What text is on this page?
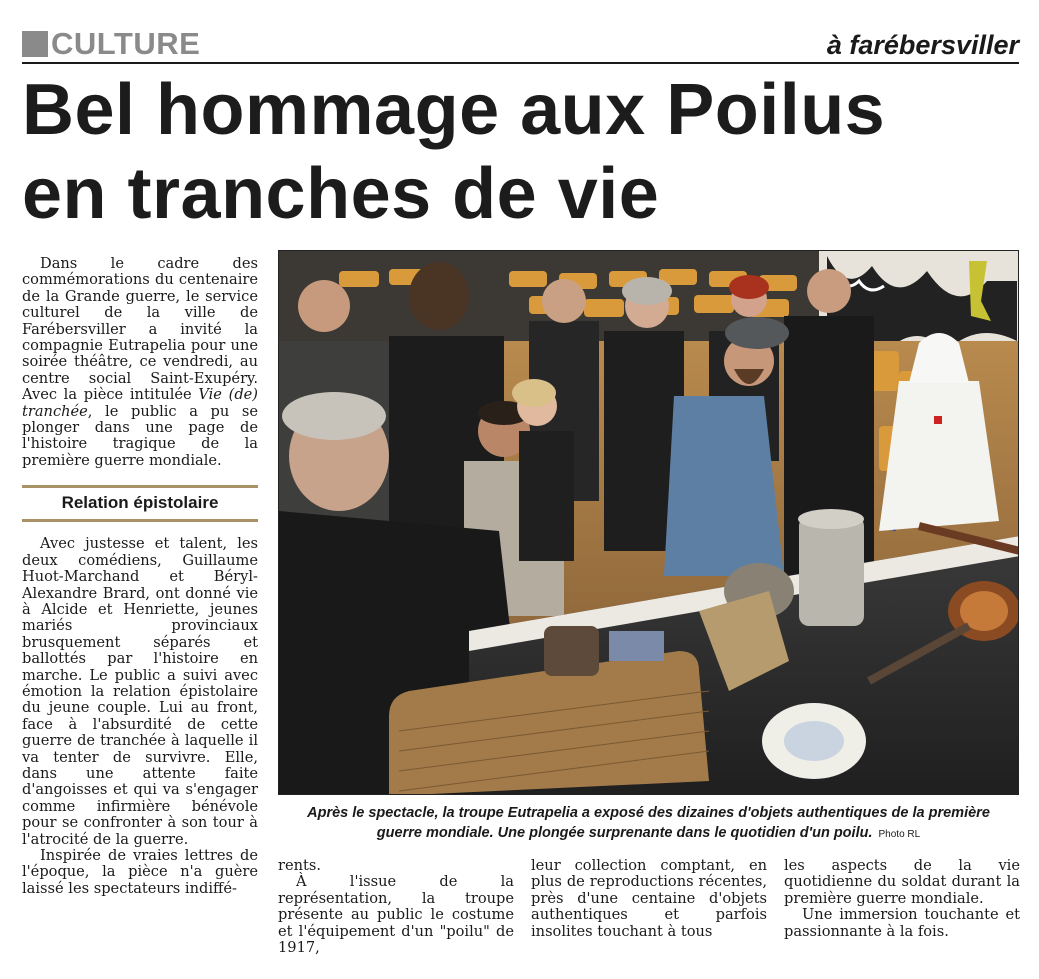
CULTURE	à farébersviller
Bel hommage aux Poilus
en tranches de vie

Dans le cadre des commémorations du centenaire de la Grande guerre, le service culturel de la ville de Farébersviller a invité la compagnie Eutrapelia pour une soirée théâtre, ce vendredi, au centre social Saint-Exupéry. Avec la pièce intitulée Vie (de) tranchée, le public a pu se plonger dans une page de l'histoire tragique de la première guerre mondiale.

Relation épistolaire

Avec justesse et talent, les deux comédiens, Guillaume Huot-Marchand et Béryl-Alexandre Brard, ont donné vie à Alcide et Henriette, jeunes mariés provinciaux brusquement séparés et ballottés par l'histoire en marche. Le public a suivi avec émotion la relation épistolaire du jeune couple. Lui au front, face à l'absurdité de cette guerre de tranchée à laquelle il va tenter de survivre. Elle, dans une attente faite d'angoisses et qui va s'engager comme infirmière bénévole pour se confronter à son tour à l'atrocité de la guerre.

Inspirée de vraies lettres de l'époque, la pièce n'a guère laissé les spectateurs indiffé-

Après le spectacle, la troupe Eutrapelia a exposé des dizaines d'objets authentiques de la première
guerre mondiale. Une plongée surprenante dans le quotidien d'un poilu. Photo RL

rents.

À l'issue de la représentation, la troupe présente au public le costume et l'équipement d'un "poilu" de 1917,

leur collection comptant, en plus de reproductions récentes, près d'une centaine d'objets authentiques et parfois insolites touchant à tous

les aspects de la vie quotidienne du soldat durant la première guerre mondiale.

Une immersion touchante et passionnante à la fois.
